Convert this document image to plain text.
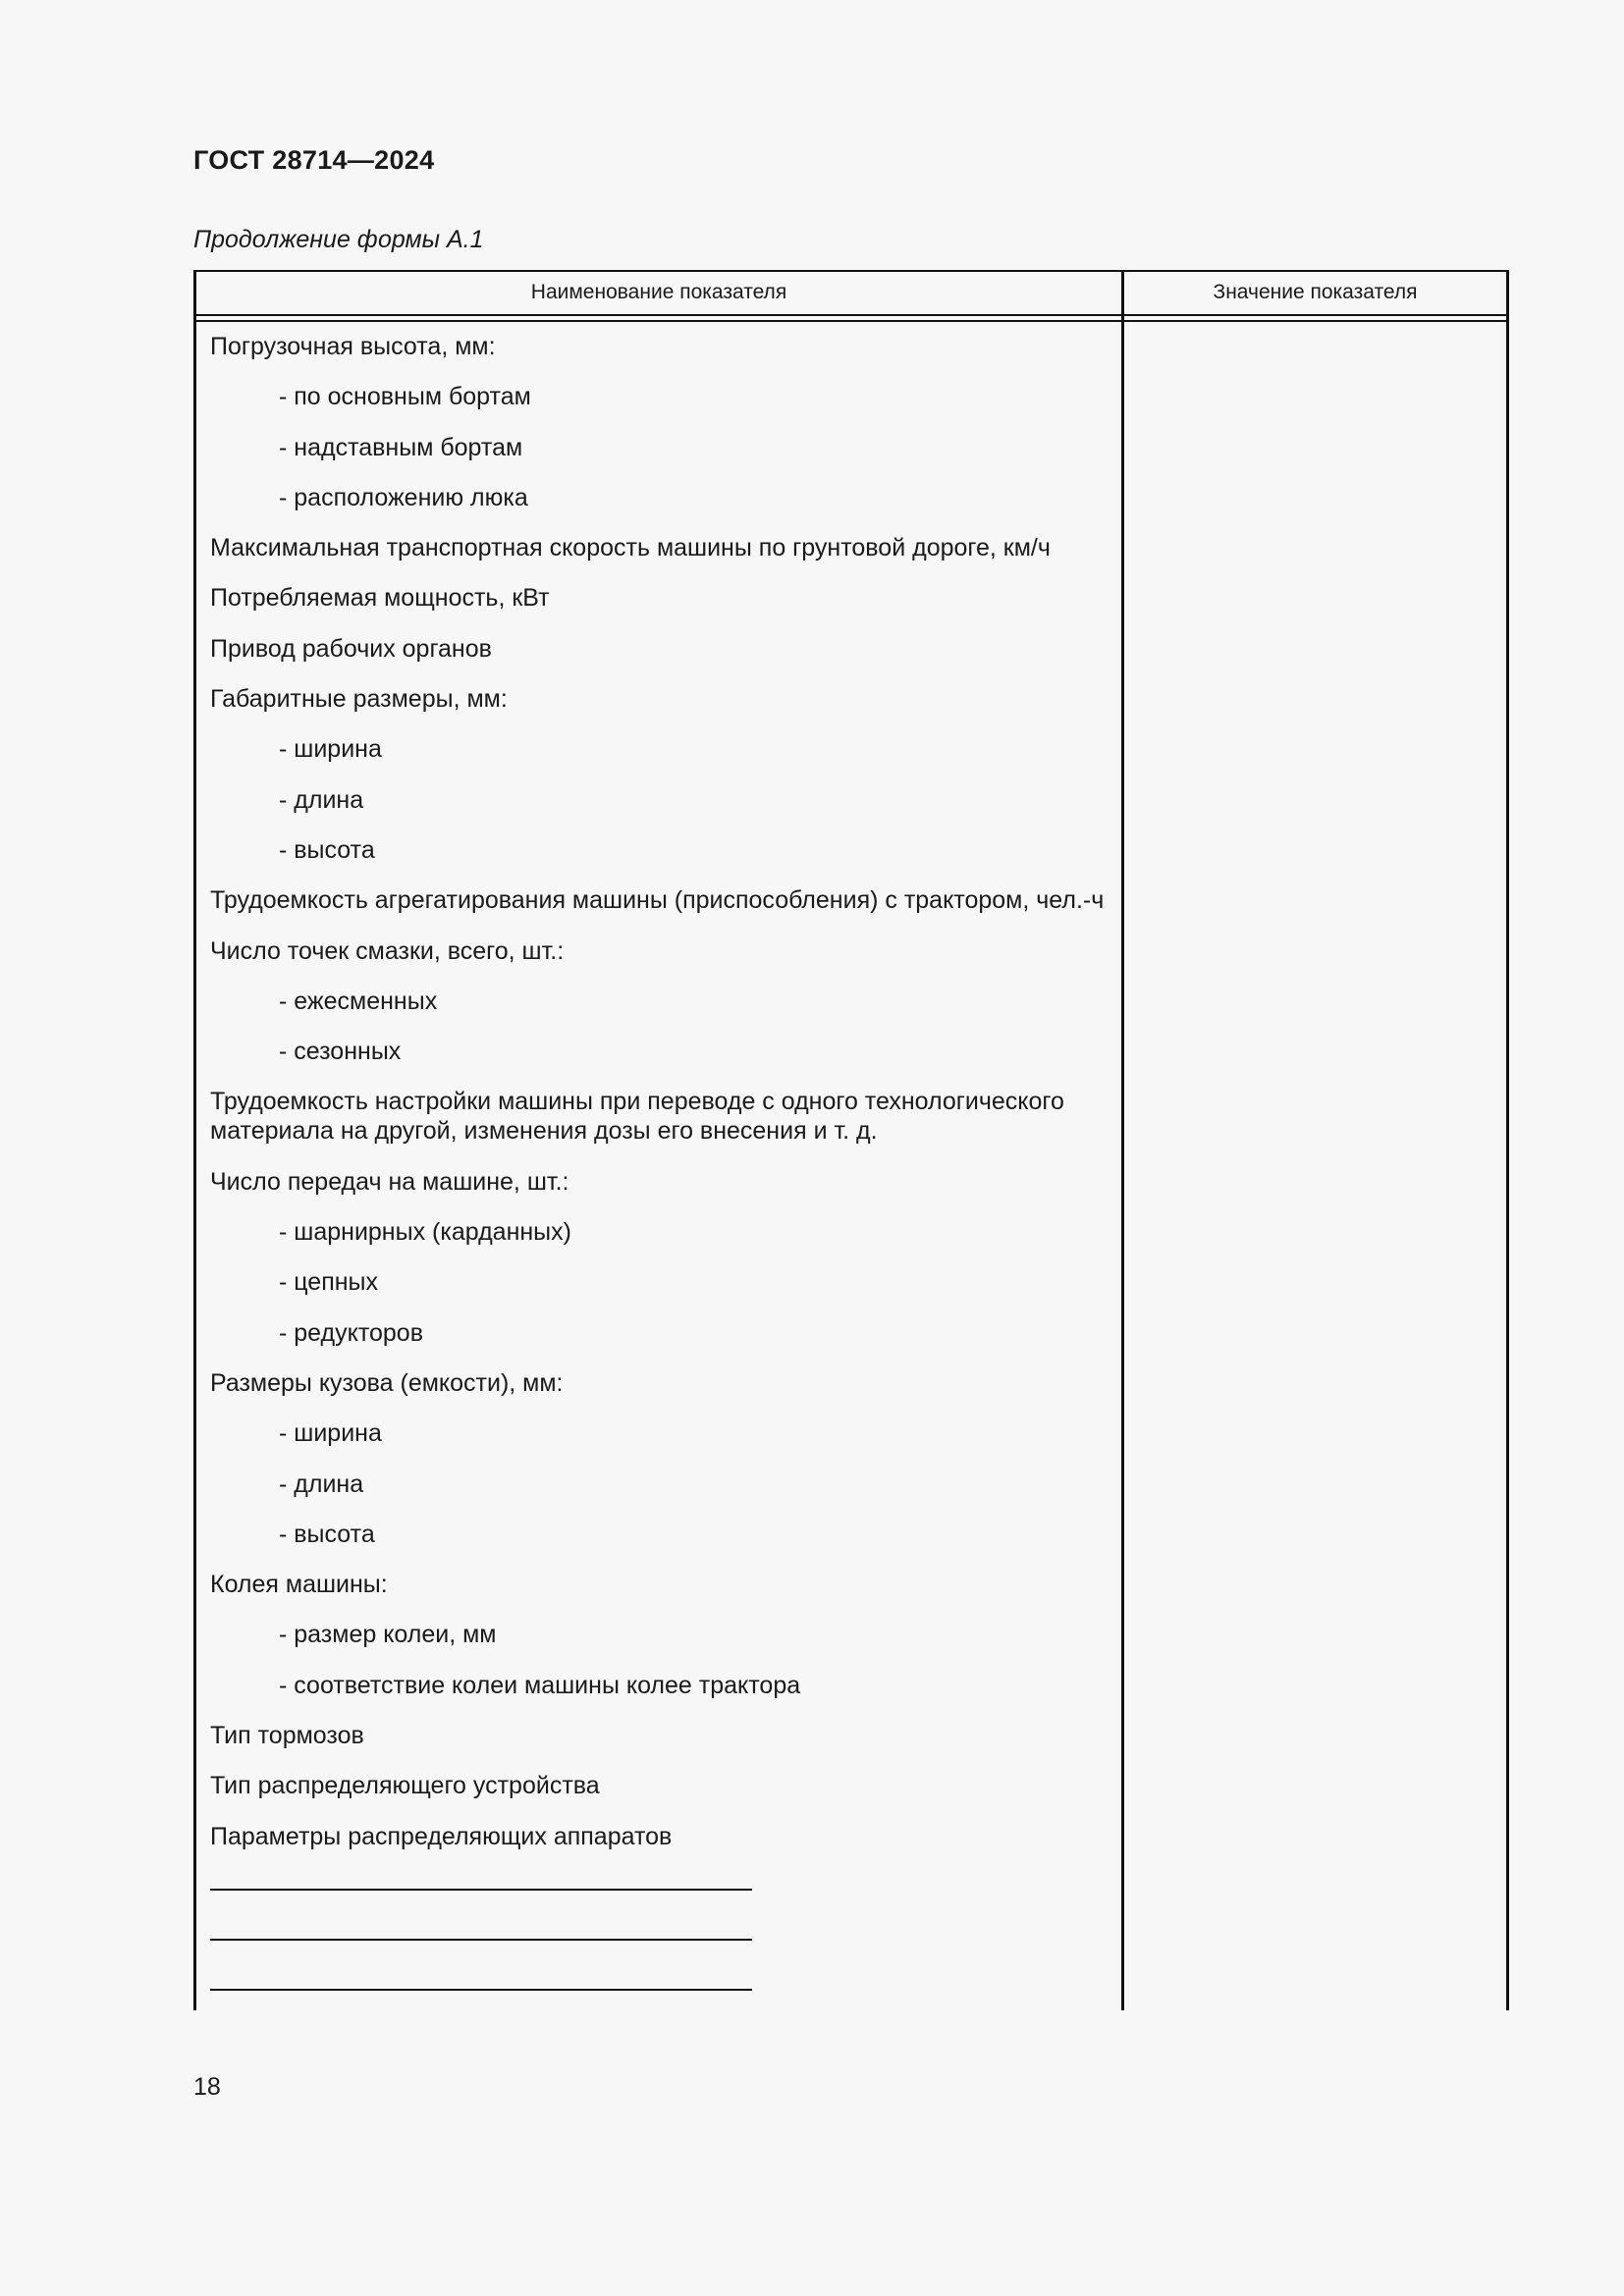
ГОСТ 28714—2024
Продолжение формы А.1
Наименование показателя	Значение показателя
Погрузочная высота, мм:
- по основным бортам
- надставным бортам
- расположению люка
Максимальная транспортная скорость машины по грунтовой дороге, км/ч
Потребляемая мощность, кВт
Привод рабочих органов
Габаритные размеры, мм:
- ширина
- длина
- высота
Трудоемкость агрегатирования машины (приспособления) с трактором, чел.-ч
Число точек смазки, всего, шт.:
- ежесменных
- сезонных
Трудоемкость настройки машины при переводе с одного технологического материала на другой, изменения дозы его внесения и т. д.
Число передач на машине, шт.:
- шарнирных (карданных)
- цепных
- редукторов
Размеры кузова (емкости), мм:
- ширина
- длина
- высота
Колея машины:
- размер колеи, мм
- соответствие колеи машины колее трактора
Тип тормозов
Тип распределяющего устройства
Параметры распределяющих аппаратов
18
